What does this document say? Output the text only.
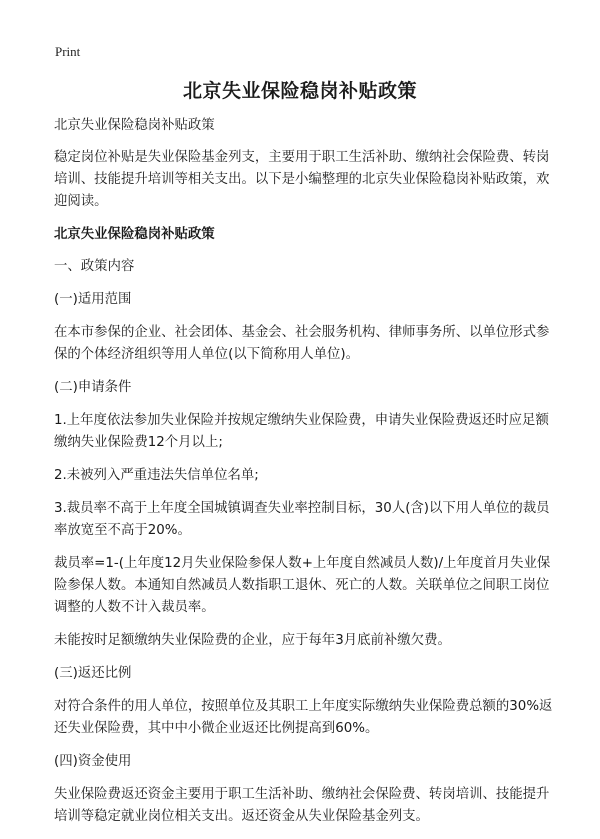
Print
北京失业保险稳岗补贴政策

北京失业保险稳岗补贴政策

稳定岗位补贴是失业保险基金列支，主要用于职工生活补助、缴纳社会保险费、转岗培训、技能提升培训等相关支出。以下是小编整理的北京失业保险稳岗补贴政策，欢迎阅读。

北京失业保险稳岗补贴政策

一、政策内容

(一)适用范围

在本市参保的企业、社会团体、基金会、社会服务机构、律师事务所、以单位形式参保的个体经济组织等用人单位(以下简称用人单位)。

(二)申请条件

1.上年度依法参加失业保险并按规定缴纳失业保险费，申请失业保险费返还时应足额缴纳失业保险费12个月以上;

2.未被列入严重违法失信单位名单;

3.裁员率不高于上年度全国城镇调查失业率控制目标，30人(含)以下用人单位的裁员率放宽至不高于20%。

裁员率=1-(上年度12月失业保险参保人数+上年度自然减员人数)/上年度首月失业保险参保人数。本通知自然减员人数指职工退休、死亡的人数。关联单位之间职工岗位调整的人数不计入裁员率。

未能按时足额缴纳失业保险费的企业，应于每年3月底前补缴欠费。

(三)返还比例

对符合条件的用人单位，按照单位及其职工上年度实际缴纳失业保险费总额的30%返还失业保险费，其中中小微企业返还比例提高到60%。

(四)资金使用

失业保险费返还资金主要用于职工生活补助、缴纳社会保险费、转岗培训、技能提升培训等稳定就业岗位相关支出。返还资金从失业保险基金列支。
